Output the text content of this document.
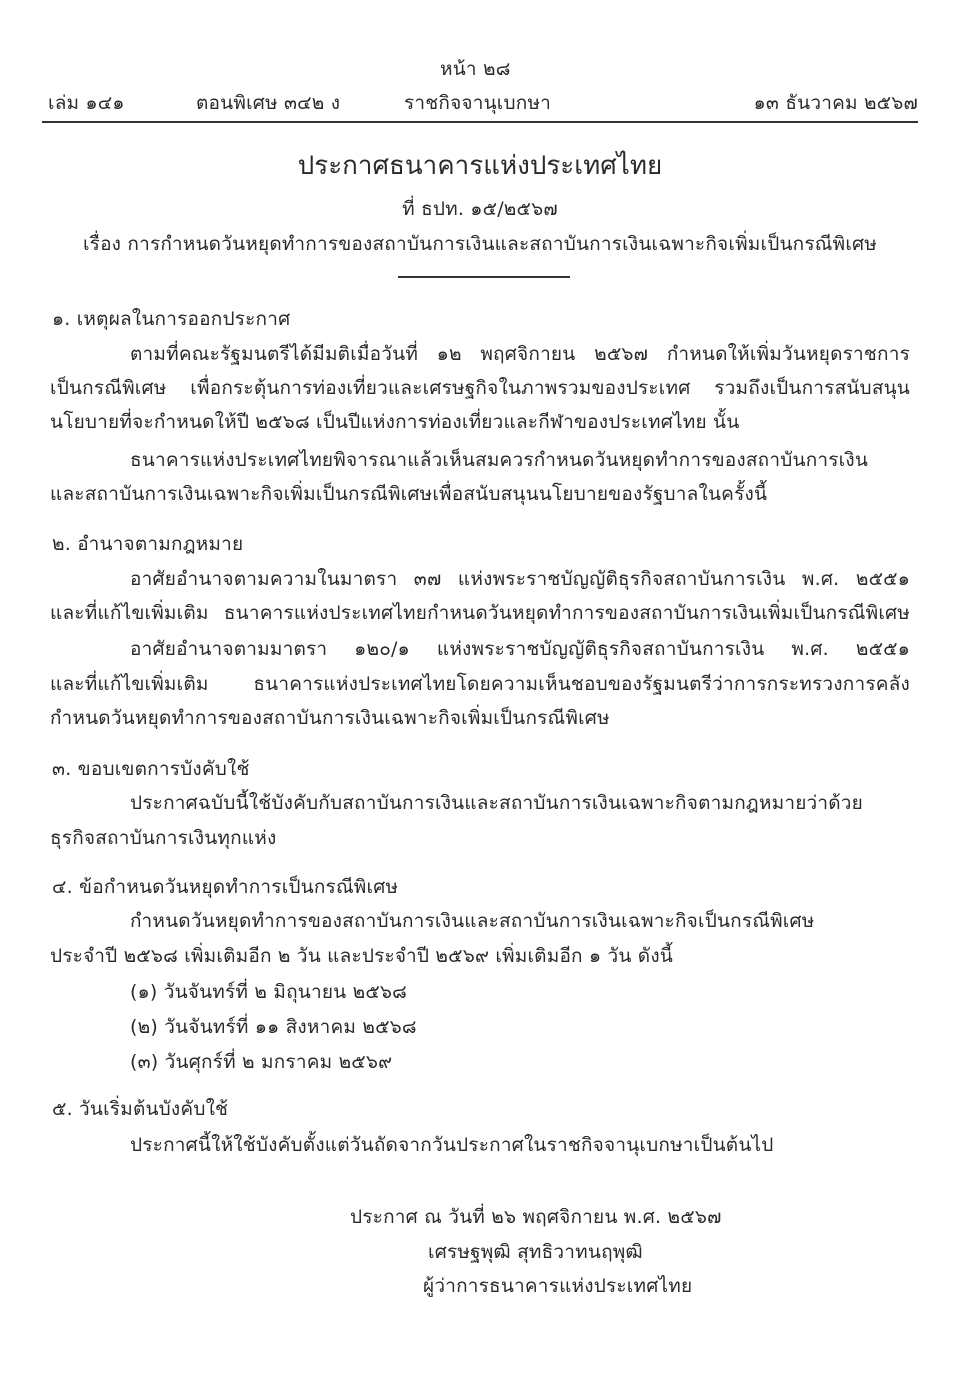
หน้า ๒๘
เล่ม ๑๔๑	ตอนพิเศษ ๓๔๒ ง	ราชกิจจานุเบกษา	๑๓ ธันวาคม ๒๕๖๗
ประกาศธนาคารแห่งประเทศไทย
ที่ ธปท. ๑๕/๒๕๖๗
เรื่อง การกำหนดวันหยุดทำการของสถาบันการเงินและสถาบันการเงินเฉพาะกิจเพิ่มเป็นกรณีพิเศษ
๑. เหตุผลในการออกประกาศ
ตามที่คณะรัฐมนตรีได้มีมติเมื่อวันที่ ๑๒ พฤศจิกายน ๒๕๖๗ กำหนดให้เพิ่มวันหยุดราชการ
เป็นกรณีพิเศษ เพื่อกระตุ้นการท่องเที่ยวและเศรษฐกิจในภาพรวมของประเทศ รวมถึงเป็นการสนับสนุน
นโยบายที่จะกำหนดให้ปี ๒๕๖๘ เป็นปีแห่งการท่องเที่ยวและกีฬาของประเทศไทย นั้น
ธนาคารแห่งประเทศไทยพิจารณาแล้วเห็นสมควรกำหนดวันหยุดทำการของสถาบันการเงิน
และสถาบันการเงินเฉพาะกิจเพิ่มเป็นกรณีพิเศษเพื่อสนับสนุนนโยบายของรัฐบาลในครั้งนี้
๒. อำนาจตามกฎหมาย
อาศัยอำนาจตามความในมาตรา ๓๗ แห่งพระราชบัญญัติธุรกิจสถาบันการเงิน พ.ศ. ๒๕๕๑
และที่แก้ไขเพิ่มเติม ธนาคารแห่งประเทศไทยกำหนดวันหยุดทำการของสถาบันการเงินเพิ่มเป็นกรณีพิเศษ
อาศัยอำนาจตามมาตรา ๑๒๐/๑ แห่งพระราชบัญญัติธุรกิจสถาบันการเงิน พ.ศ. ๒๕๕๑
และที่แก้ไขเพิ่มเติม ธนาคารแห่งประเทศไทยโดยความเห็นชอบของรัฐมนตรีว่าการกระทรวงการคลัง
กำหนดวันหยุดทำการของสถาบันการเงินเฉพาะกิจเพิ่มเป็นกรณีพิเศษ
๓. ขอบเขตการบังคับใช้
ประกาศฉบับนี้ใช้บังคับกับสถาบันการเงินและสถาบันการเงินเฉพาะกิจตามกฎหมายว่าด้วย
ธุรกิจสถาบันการเงินทุกแห่ง
๔. ข้อกำหนดวันหยุดทำการเป็นกรณีพิเศษ
กำหนดวันหยุดทำการของสถาบันการเงินและสถาบันการเงินเฉพาะกิจเป็นกรณีพิเศษ
ประจำปี ๒๕๖๘ เพิ่มเติมอีก ๒ วัน และประจำปี ๒๕๖๙ เพิ่มเติมอีก ๑ วัน ดังนี้
(๑) วันจันทร์ที่ ๒ มิถุนายน ๒๕๖๘
(๒) วันจันทร์ที่ ๑๑ สิงหาคม ๒๕๖๘
(๓) วันศุกร์ที่ ๒ มกราคม ๒๕๖๙
๕. วันเริ่มต้นบังคับใช้
ประกาศนี้ให้ใช้บังคับตั้งแต่วันถัดจากวันประกาศในราชกิจจานุเบกษาเป็นต้นไป
ประกาศ ณ วันที่ ๒๖ พฤศจิกายน พ.ศ. ๒๕๖๗
เศรษฐพุฒิ สุทธิวาทนฤพุฒิ
ผู้ว่าการธนาคารแห่งประเทศไทย
